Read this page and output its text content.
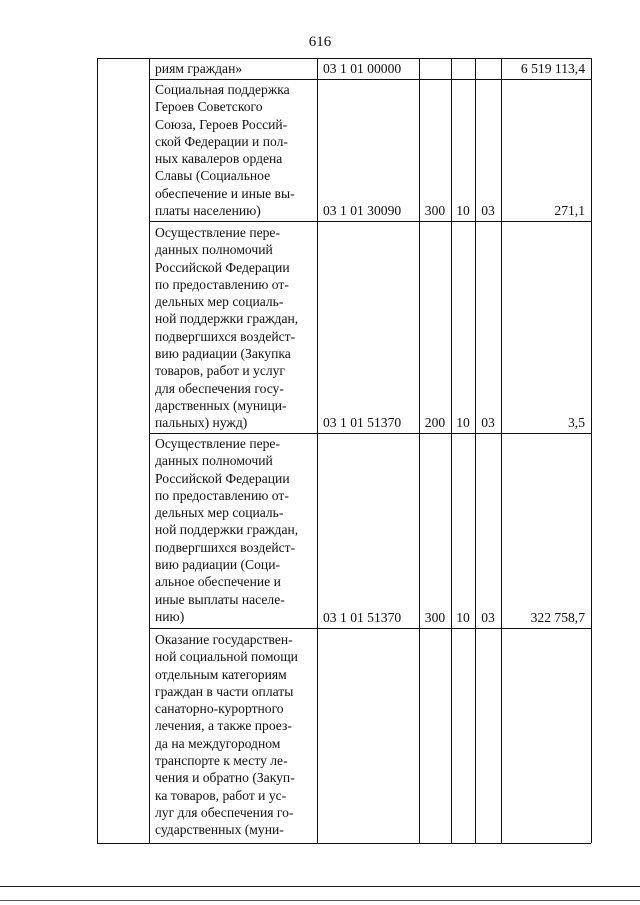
616
риям граждан»	03 1 01 00000	6 519 113,4
Социальная поддержка
Героев Советского
Союза, Героев Россий-
ской Федерации и пол-
ных кавалеров ордена
Славы (Социальное
обеспечение и иные вы-
платы населению)	03 1 01 30090 300 10 03	271,1
Осуществление пере-
данных полномочий
Российской Федерации
по предоставлению от-
дельных мер социаль-
ной поддержки граждан,
подвергшихся воздейст-
вию радиации (Закупка
товаров, работ и услуг
для обеспечения госу-
дарственных (муници-
пальных) нужд)	03 1 01 51370 200 10 03	3,5
Осуществление пере-
данных полномочий
Российской Федерации
по предоставлению от-
дельных мер социаль-
ной поддержки граждан,
подвергшихся воздейст-
вию радиации (Соци-
альное обеспечение и
иные выплаты населе-
нию)	03 1 01 51370 300 10 03	322 758,7
Оказание государствен-
ной социальной помощи
отдельным категориям
граждан в части оплаты
санаторно-курортного
лечения, а также проез-
да на междугородном
транспорте к месту ле-
чения и обратно (Закуп-
ка товаров, работ и ус-
луг для обеспечения го-
сударственных (муни-
